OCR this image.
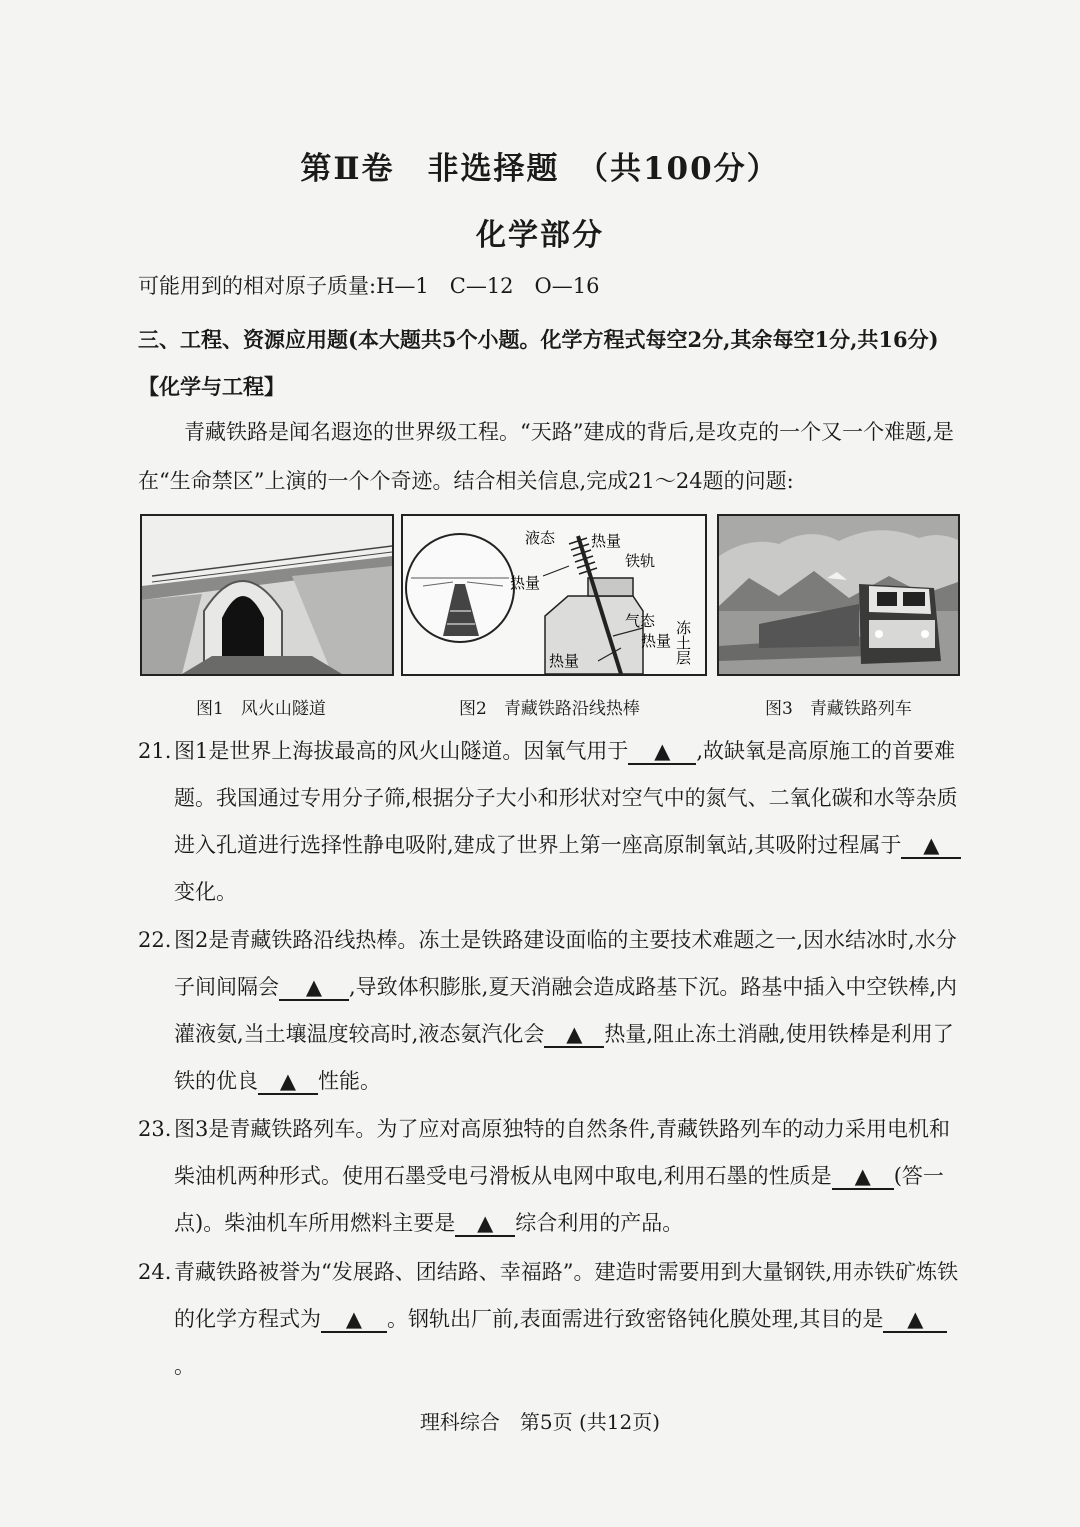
第Ⅱ卷　非选择题　（共100分）
化学部分
可能用到的相对原子质量:H—1　C—12　O—16
三、工程、资源应用题(本大题共5个小题。化学方程式每空2分,其余每空1分,共16分)
【化学与工程】
青藏铁路是闻名遐迩的世界级工程。“天路”建成的背后,是攻克的一个又一个难题,是在“生命禁区”上演的一个个奇迹。结合相关信息,完成21～24题的问题:
液态 热量
热量
铁轨
气态
热量
热量	冻土层
图1　风火山隧道	图2　青藏铁路沿线热棒	图3　青藏铁路列车
21. 图1是世界上海拔最高的风火山隧道。因氧气用于 ▲ ,故缺氧是高原施工的首要难题。我国通过专用分子筛,根据分子大小和形状对空气中的氮气、二氧化碳和水等杂质进入孔道进行选择性静电吸附,建成了世界上第一座高原制氧站,其吸附过程属于 ▲变化。
22. 图2是青藏铁路沿线热棒。冻土是铁路建设面临的主要技术难题之一,因水结冰时,水分子间间隔会 ▲ ,导致体积膨胀,夏天消融会造成路基下沉。路基中插入中空铁棒,内灌液氨,当土壤温度较高时,液态氨汽化会 ▲ 热量,阻止冻土消融,使用铁棒是利用了铁的优良 ▲ 性能。
23. 图3是青藏铁路列车。为了应对高原独特的自然条件,青藏铁路列车的动力采用电机和柴油机两种形式。使用石墨受电弓滑板从电网中取电,利用石墨的性质是 ▲ (答一点)。柴油机车所用燃料主要是 ▲ 综合利用的产品。
24. 青藏铁路被誉为“发展路、团结路、幸福路”。建造时需要用到大量钢铁,用赤铁矿炼铁的化学方程式为 ▲ 。钢轨出厂前,表面需进行致密铬钝化膜处理,其目的是 ▲。
理科综合　第5页 (共12页)
